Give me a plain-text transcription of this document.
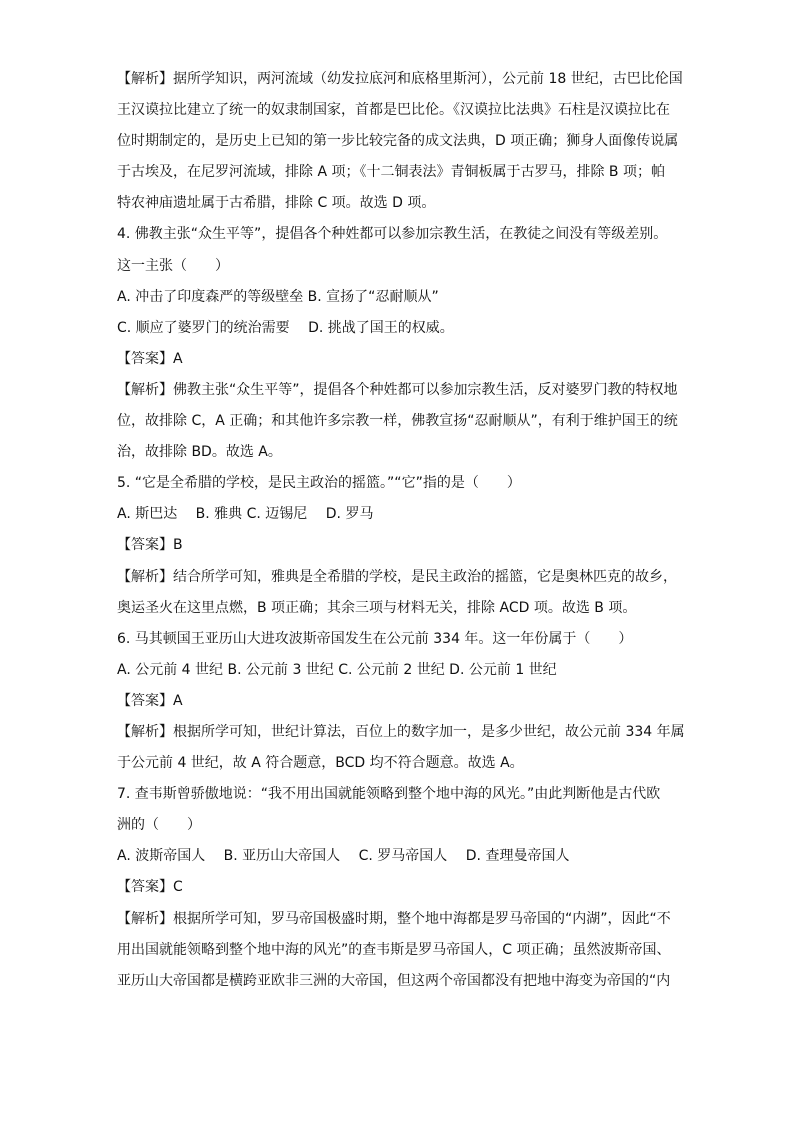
【解析】据所学知识，两河流域（幼发拉底河和底格里斯河），公元前 18 世纪，古巴比伦国
王汉谟拉比建立了统一的奴隶制国家，首都是巴比伦。《汉谟拉比法典》石柱是汉谟拉比在
位时期制定的，是历史上已知的第一步比较完备的成文法典，D 项正确；狮身人面像传说属
于古埃及，在尼罗河流域，排除 A 项；《十二铜表法》青铜板属于古罗马，排除 B 项；帕
特农神庙遗址属于古希腊，排除 C 项。故选 D 项。
4. 佛教主张“众生平等”，提倡各个种姓都可以参加宗教生活，在教徒之间没有等级差别。
这一主张（　　）
A. 冲击了印度森严的等级壁垒 B. 宣扬了“忍耐顺从”
C. 顺应了婆罗门的统治需要　 D. 挑战了国王的权威。
【答案】A
【解析】佛教主张“众生平等”，提倡各个种姓都可以参加宗教生活，反对婆罗门教的特权地
位，故排除 C，A 正确；和其他许多宗教一样，佛教宣扬“忍耐顺从”，有利于维护国王的统
治，故排除 BD。故选 A。
5. “它是全希腊的学校，是民主政治的摇篮。”“它”指的是（　　）
A. 斯巴达　 B. 雅典 C. 迈锡尼　 D. 罗马
【答案】B
【解析】结合所学可知，雅典是全希腊的学校，是民主政治的摇篮，它是奥林匹克的故乡，
奥运圣火在这里点燃，B 项正确；其余三项与材料无关，排除 ACD 项。故选 B 项。
6. 马其顿国王亚历山大进攻波斯帝国发生在公元前 334 年。这一年份属于（　　）
A. 公元前 4 世纪 B. 公元前 3 世纪 C. 公元前 2 世纪 D. 公元前 1 世纪
【答案】A
【解析】根据所学可知，世纪计算法，百位上的数字加一，是多少世纪，故公元前 334 年属
于公元前 4 世纪，故 A 符合题意，BCD 均不符合题意。故选 A。
7. 查韦斯曾骄傲地说：“我不用出国就能领略到整个地中海的风光。”由此判断他是古代欧
洲的（　　）
A. 波斯帝国人　 B. 亚历山大帝国人　 C. 罗马帝国人　 D. 查理曼帝国人
【答案】C
【解析】根据所学可知，罗马帝国极盛时期，整个地中海都是罗马帝国的“内湖”，因此“不
用出国就能领略到整个地中海的风光”的查韦斯是罗马帝国人，C 项正确；虽然波斯帝国、
亚历山大帝国都是横跨亚欧非三洲的大帝国，但这两个帝国都没有把地中海变为帝国的“内
